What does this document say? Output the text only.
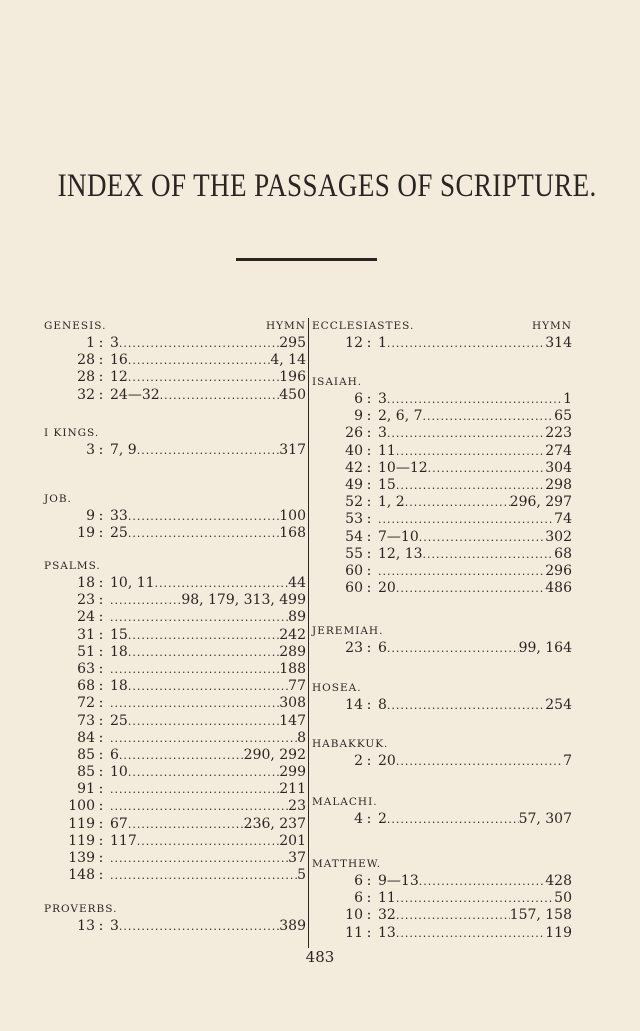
INDEX OF THE PASSAGES OF SCRIPTURE.
GENESIS.	HYMN
1 : 3 .....	295
28 : 16 .....	4, 14
28 : 12 .....	196
32 : 24—32 .....	450
I KINGS.
3 : 7, 9 .....	317
JOB.
9 : 33 .....	100
19 : 25 .....	168
PSALMS.
18 : 10, 11 .....	44
23 : .....	98, 179, 313, 499
24 : .....	89
31 : 15 .....	242
51 : 18 .....	289
63 : .....	188
68 : 18 .....	77
72 : .....	308
73 : 25 .....	147
84 : .....	8
85 : 6 .....	290, 292
85 : 10 .....	299
91 : .....	211
100 : .....	23
119 : 67 .....	236, 237
119 : 117 .....	201
139 : .....	37
148 : .....	5
PROVERBS.
13 : 3 .....	389
ECCLESIASTES.	HYMN
12 : 1 .....	314
ISAIAH.
6 : 3 .....	1
9 : 2, 6, 7 .....	65
26 : 3 .....	223
40 : 11 .....	274
42 : 10—12 .....	304
49 : 15 .....	298
52 : 1, 2 .....	296, 297
53 : .....	74
54 : 7—10 .....	302
55 : 12, 13 .....	68
60 : .....	296
60 : 20 .....	486
JEREMIAH.
23 : 6 .....	99, 164
HOSEA.
14 : 8 .....	254
HABAKKUK.
2 : 20 .....	7
MALACHI.
4 : 2 .....	57, 307
MATTHEW.
6 : 9—13 .....	428
6 : 11 .....	50
10 : 32 .....	157, 158
11 : 13 .....	119
483
